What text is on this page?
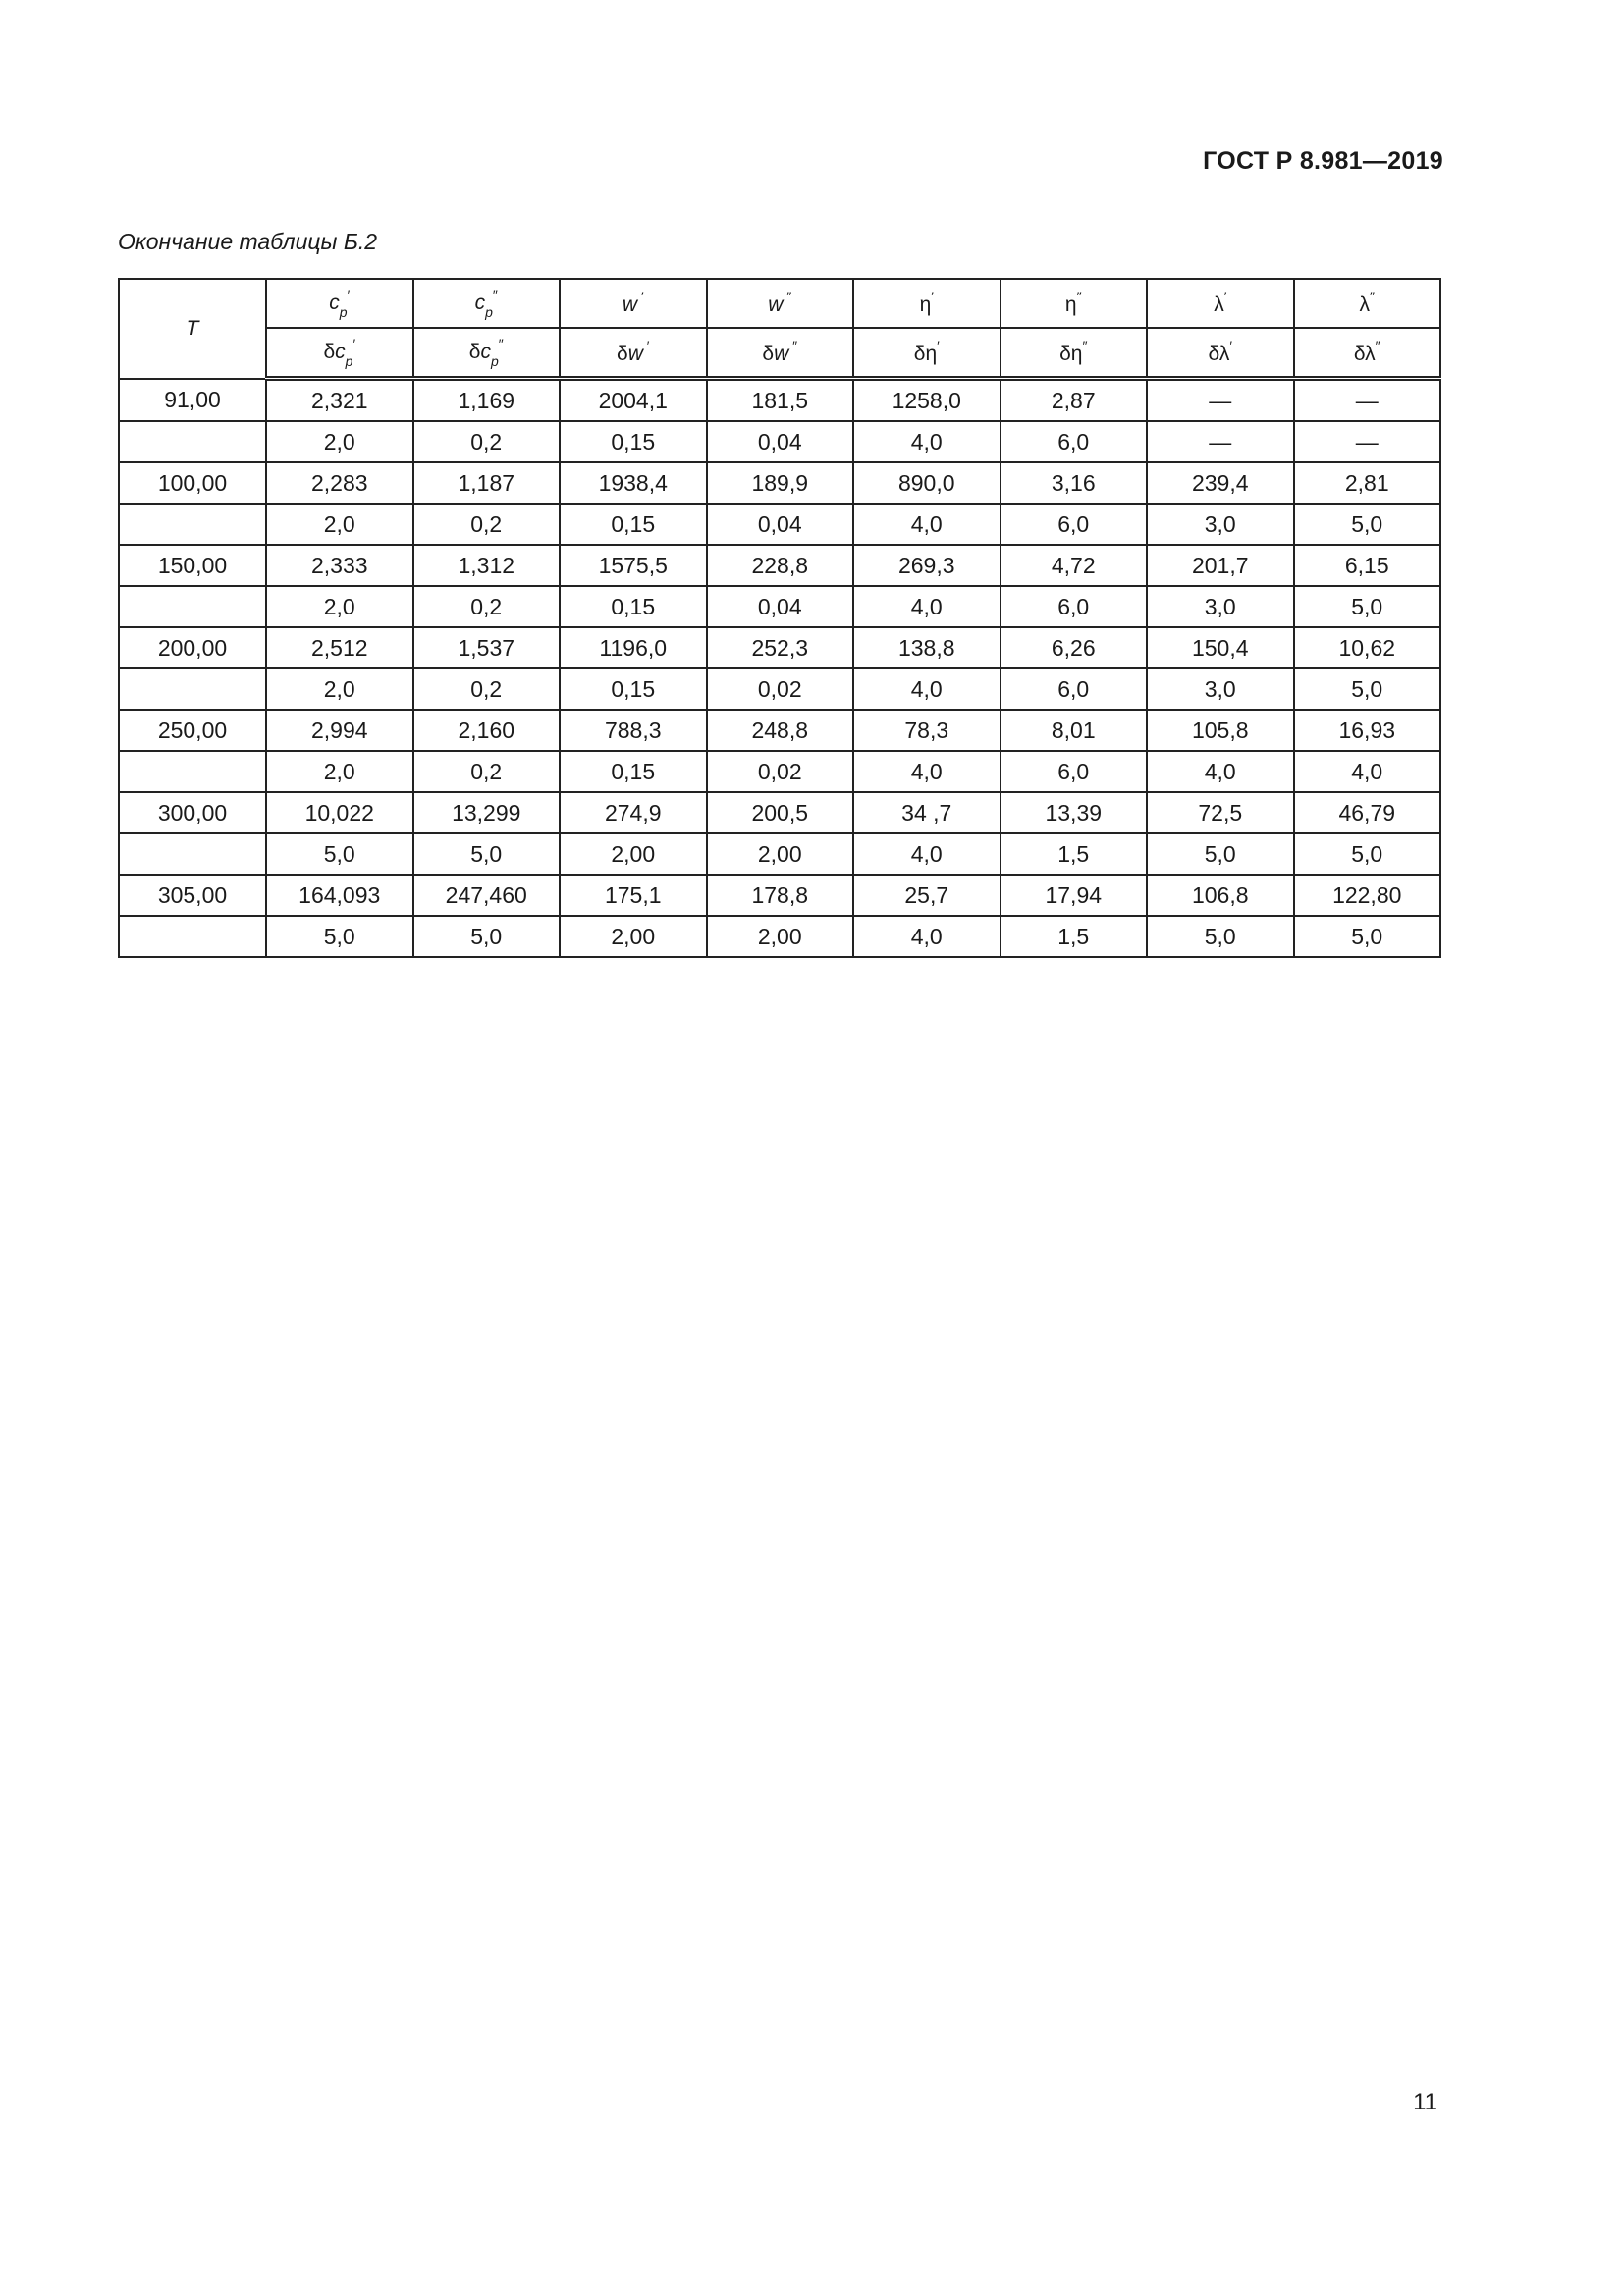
ГОСТ Р 8.981—2019
Окончание таблицы Б.2
T	$c_p'$	$c_p''$	w ′	w ″	η′	η″	λ′	λ″
	$\delta c_p'$	$\delta c_p''$	δw ′	δw ″	δη′	δη″	δλ′	δλ″
91,00	2,321	1,169	2004,1	181,5	1258,0	2,87	—	—
	2,0	0,2	0,15	0,04	4,0	6,0	—	—
100,00	2,283	1,187	1938,4	189,9	890,0	3,16	239,4	2,81
	2,0	0,2	0,15	0,04	4,0	6,0	3,0	5,0
150,00	2,333	1,312	1575,5	228,8	269,3	4,72	201,7	6,15
	2,0	0,2	0,15	0,04	4,0	6,0	3,0	5,0
200,00	2,512	1,537	1196,0	252,3	138,8	6,26	150,4	10,62
	2,0	0,2	0,15	0,02	4,0	6,0	3,0	5,0
250,00	2,994	2,160	788,3	248,8	78,3	8,01	105,8	16,93
	2,0	0,2	0,15	0,02	4,0	6,0	4,0	4,0
300,00	10,022	13,299	274,9	200,5	34 ,7	13,39	72,5	46,79
	5,0	5,0	2,00	2,00	4,0	1,5	5,0	5,0
305,00	164,093	247,460	175,1	178,8	25,7	17,94	106,8	122,80
	5,0	5,0	2,00	2,00	4,0	1,5	5,0	5,0
11
